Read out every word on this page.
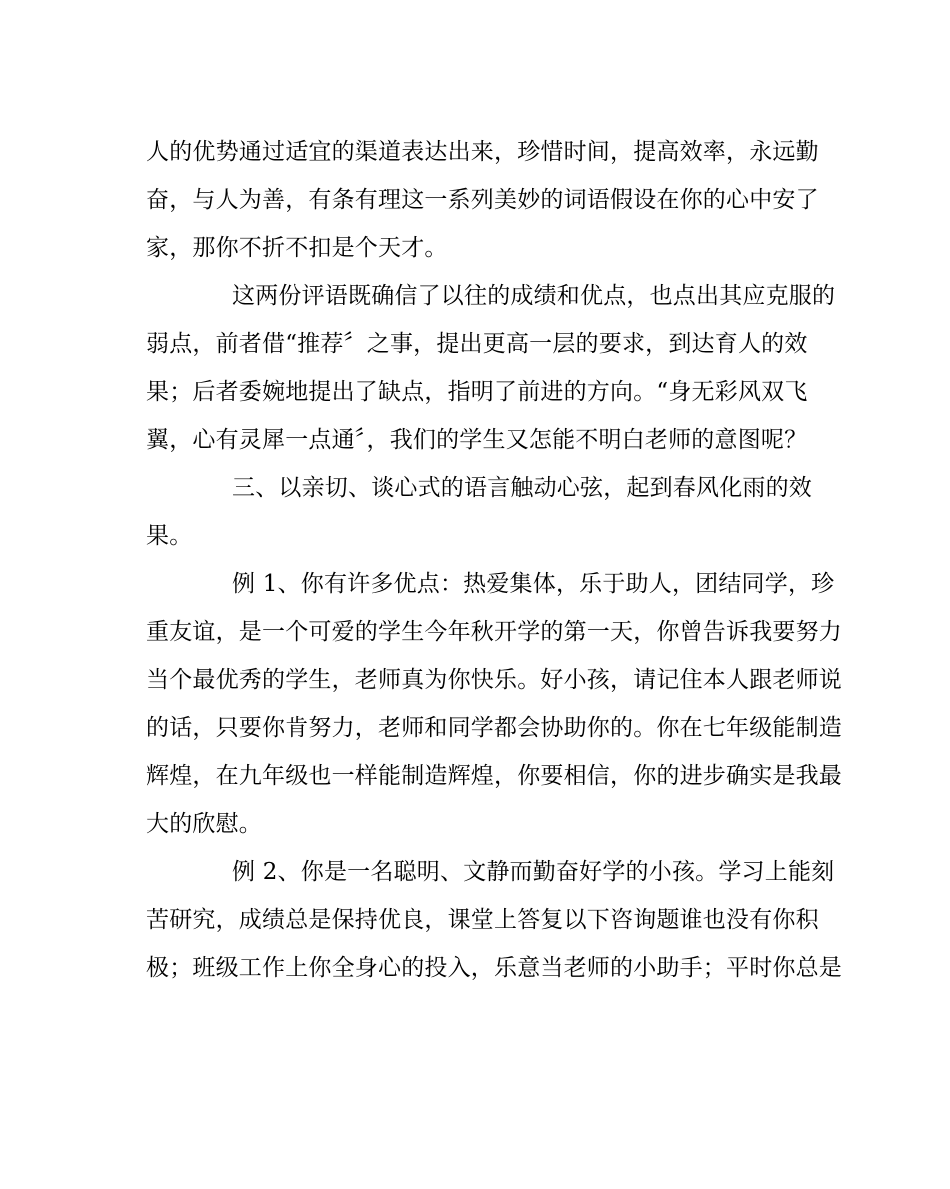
人的优势通过适宜的渠道表达出来，珍惜时间，提高效率，永远勤

奋，与人为善，有条有理这一系列美妙的词语假设在你的心中安了

家，那你不折不扣是个天才。

这两份评语既确信了以往的成绩和优点，也点出其应克服的

弱点，前者借“推荐〞之事，提出更高一层的要求，到达育人的效

果；后者委婉地提出了缺点，指明了前进的方向。“身无彩风双飞

翼，心有灵犀一点通〞，我们的学生又怎能不明白老师的意图呢？

三、以亲切、谈心式的语言触动心弦，起到春风化雨的效

果。

例 1、你有许多优点：热爱集体，乐于助人，团结同学，珍

重友谊，是一个可爱的学生今年秋开学的第一天，你曾告诉我要努力

当个最优秀的学生，老师真为你快乐。好小孩，请记住本人跟老师说

的话，只要你肯努力，老师和同学都会协助你的。你在七年级能制造

辉煌，在九年级也一样能制造辉煌，你要相信，你的进步确实是我最

大的欣慰。

例 2、你是一名聪明、文静而勤奋好学的小孩。学习上能刻

苦研究，成绩总是保持优良，课堂上答复以下咨询题谁也没有你积

极；班级工作上你全身心的投入，乐意当老师的小助手；平时你总是
